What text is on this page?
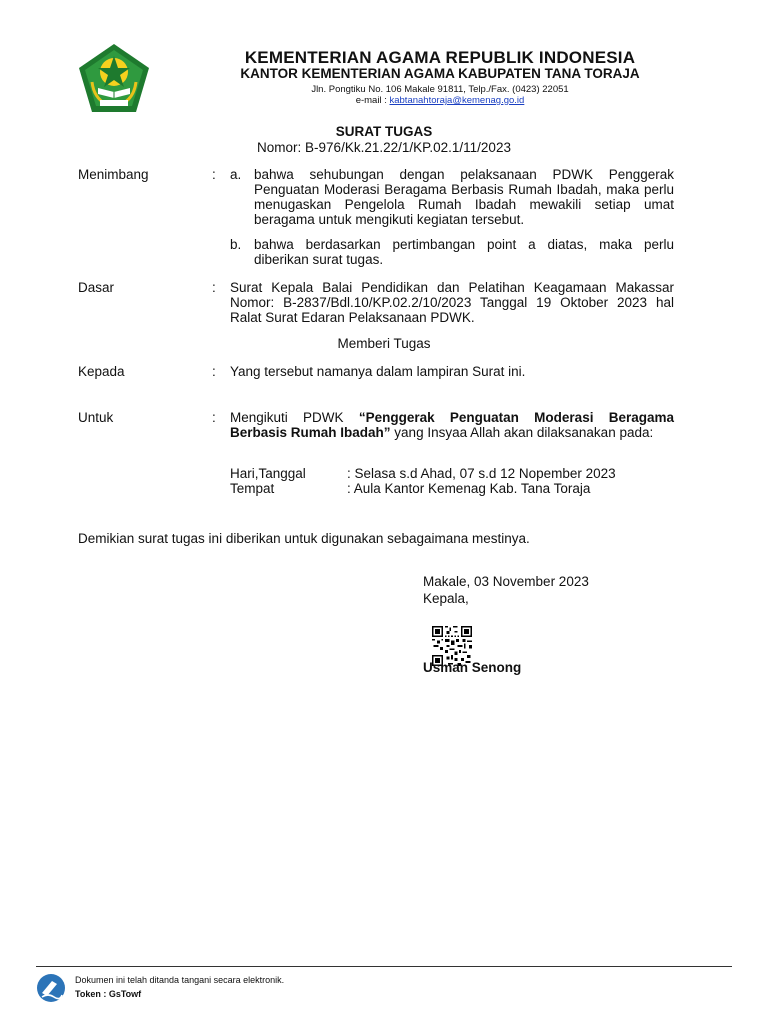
KEMENTERIAN AGAMA REPUBLIK INDONESIA
KANTOR KEMENTERIAN AGAMA KABUPATEN TANA TORAJA
Jln. Pongtiku No. 106 Makale 91811, Telp./Fax. (0423) 22051
e-mail : kabtanahtoraja@kemenag.go.id
SURAT TUGAS
Nomor: B-976/Kk.21.22/1/KP.02.1/11/2023
Menimbang	: a. bahwa sehubungan dengan pelaksanaan PDWK Penggerak Penguatan Moderasi Beragama Berbasis Rumah Ibadah, maka perlu menugaskan Pengelola Rumah Ibadah mewakili setiap umat beragama untuk mengikuti kegiatan tersebut.
b. bahwa berdasarkan pertimbangan point a diatas, maka perlu diberikan surat tugas.
Dasar	: Surat Kepala Balai Pendidikan dan Pelatihan Keagamaan Makassar Nomor: B-2837/Bdl.10/KP.02.2/10/2023 Tanggal 19 Oktober 2023 hal Ralat Surat Edaran Pelaksanaan PDWK.
Memberi Tugas
Kepada	: Yang tersebut namanya dalam lampiran Surat ini.
Untuk	: Mengikuti PDWK “Penggerak Penguatan Moderasi Beragama Berbasis Rumah Ibadah” yang Insyaa Allah akan dilaksanakan pada:
Hari,Tanggal	: Selasa s.d Ahad, 07 s.d 12 Nopember 2023
Tempat	: Aula Kantor Kemenag Kab. Tana Toraja
Demikian surat tugas ini diberikan untuk digunakan sebagaimana mestinya.
Makale, 03 November 2023
Kepala,
Usman Senong
Dokumen ini telah ditanda tangani secara elektronik.
Token : GsTowf
